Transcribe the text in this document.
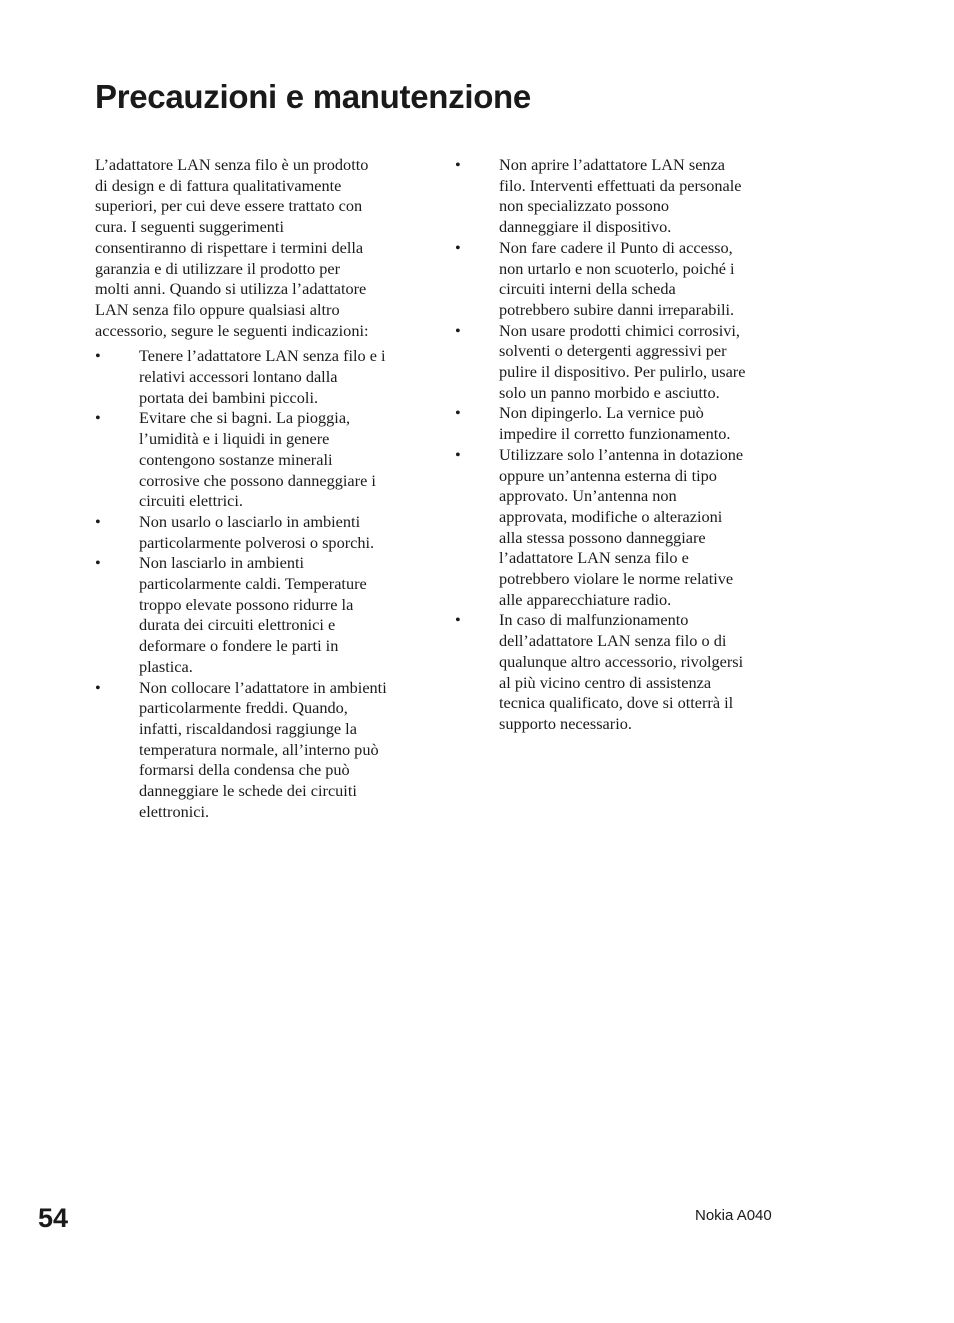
Precauzioni e manutenzione

L’adattatore LAN senza filo è un prodotto
di design e di fattura qualitativamente
superiori, per cui deve essere trattato con
cura. I seguenti suggerimenti
consentiranno di rispettare i termini della
garanzia e di utilizzare il prodotto per
molti anni. Quando si utilizza l’adattatore
LAN senza filo oppure qualsiasi altro
accessorio, segure le seguenti indicazioni:

• Tenere l’adattatore LAN senza filo e i
relativi accessori lontano dalla
portata dei bambini piccoli.
• Evitare che si bagni. La pioggia,
l’umidità e i liquidi in genere
contengono sostanze minerali
corrosive che possono danneggiare i
circuiti elettrici.
• Non usarlo o lasciarlo in ambienti
particolarmente polverosi o sporchi.
• Non lasciarlo in ambienti
particolarmente caldi. Temperature
troppo elevate possono ridurre la
durata dei circuiti elettronici e
deformare o fondere le parti in
plastica.
• Non collocare l’adattatore in ambienti
particolarmente freddi. Quando,
infatti, riscaldandosi raggiunge la
temperatura normale, all’interno può
formarsi della condensa che può
danneggiare le schede dei circuiti
elettronici.
• Non aprire l’adattatore LAN senza
filo. Interventi effettuati da personale
non specializzato possono
danneggiare il dispositivo.
• Non fare cadere il Punto di accesso,
non urtarlo e non scuoterlo, poiché i
circuiti interni della scheda
potrebbero subire danni irreparabili.
• Non usare prodotti chimici corrosivi,
solventi o detergenti aggressivi per
pulire il dispositivo. Per pulirlo, usare
solo un panno morbido e asciutto.
• Non dipingerlo. La vernice può
impedire il corretto funzionamento.
• Utilizzare solo l’antenna in dotazione
oppure un’antenna esterna di tipo
approvato. Un’antenna non
approvata, modifiche o alterazioni
alla stessa possono danneggiare
l’adattatore LAN senza filo e
potrebbero violare le norme relative
alle apparecchiature radio.
• In caso di malfunzionamento
dell’adattatore LAN senza filo o di
qualunque altro accessorio, rivolgersi
al più vicino centro di assistenza
tecnica qualificato, dove si otterrà il
supporto necessario.
54	Nokia A040
